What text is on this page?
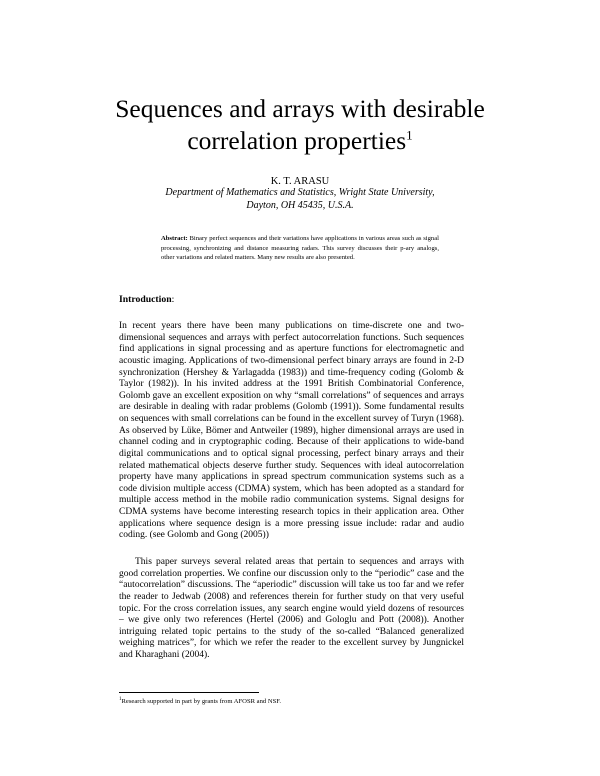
Sequences and arrays with desirable
correlation properties$^1$
K. T. ARASU
Department of Mathematics and Statistics, Wright State University,
Dayton, OH 45435, U.S.A.
Abstract: Binary perfect sequences and their variations have applications in various areas such as signal processing, synchronizing and distance measuring radars. This survey discusses their p-ary analogs, other variations and related matters. Many new results are also presented.
Introduction:

In recent years there have been many publications on time-discrete one and two-dimensional sequences and arrays with perfect autocorrelation functions. Such sequences find applications in signal processing and as aperture functions for electromagnetic and acoustic imaging. Applications of two-dimensional perfect binary arrays are found in 2-D synchronization (Hershey & Yarlagadda (1983)) and time-frequency coding (Golomb & Taylor (1982)). In his invited address at the 1991 British Combinatorial Conference, Golomb gave an excellent exposition on why “small correlations” of sequences and arrays are desirable in dealing with radar problems (Golomb (1991)). Some fundamental results on sequences with small correlations can be found in the excellent survey of Turyn (1968). As observed by Lüke, Bömer and Antweiler (1989), higher dimensional arrays are used in channel coding and in cryptographic coding. Because of their applications to wide-band digital communications and to optical signal processing, perfect binary arrays and their related mathematical objects deserve further study. Sequences with ideal autocorrelation property have many applications in spread spectrum communication systems such as a code division multiple access (CDMA) system, which has been adopted as a standard for multiple access method in the mobile radio communication systems. Signal designs for CDMA systems have become interesting research topics in their application area. Other applications where sequence design is a more pressing issue include: radar and audio coding. (see Golomb and Gong (2005))

This paper surveys several related areas that pertain to sequences and arrays with good correlation properties. We confine our discussion only to the “periodic” case and the “autocorrelation” discussions. The “aperiodic” discussion will take us too far and we refer the reader to Jedwab (2008) and references therein for further study on that very useful topic. For the cross correlation issues, any search engine would yield dozens of resources – we give only two references (Hertel (2006) and Gologlu and Pott (2008)). Another intriguing related topic pertains to the study of the so-called “Balanced generalized weighing matrices”, for which we refer the reader to the excellent survey by Jungnickel and Kharaghani (2004).

$^1$Research supported in part by grants from AFOSR and NSF.
